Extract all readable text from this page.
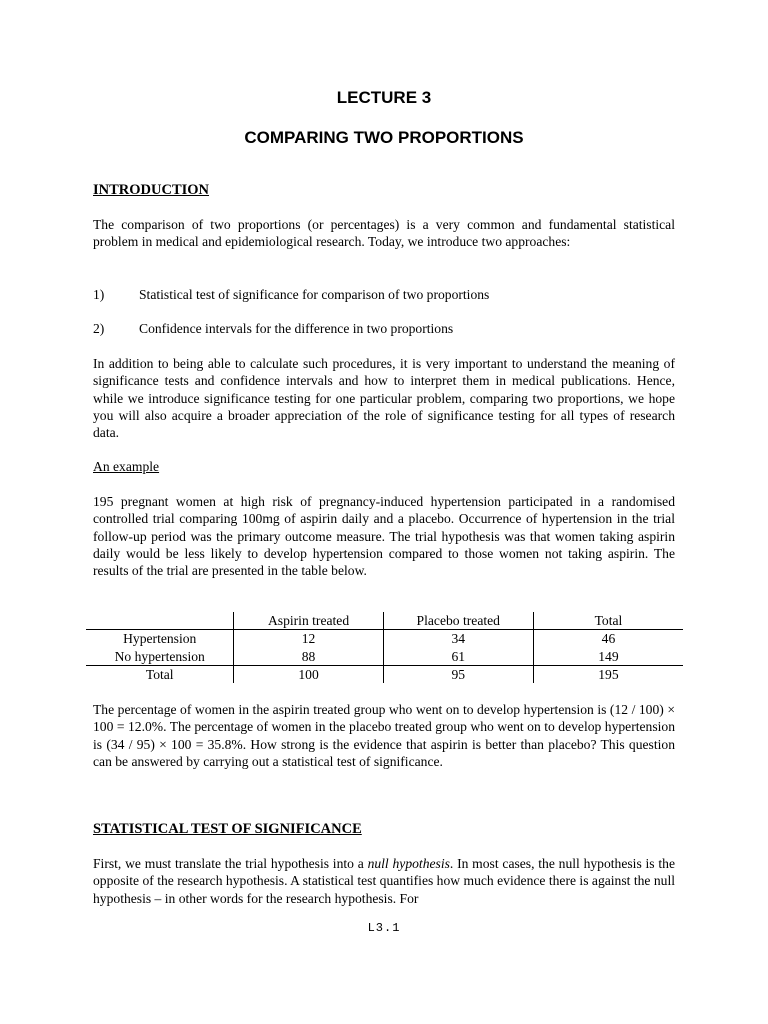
LECTURE 3
COMPARING TWO PROPORTIONS
INTRODUCTION

The comparison of two proportions (or percentages) is a very common and fundamental statistical problem in medical and epidemiological research. Today, we introduce two approaches:

1)	Statistical test of significance for comparison of two proportions
2)	Confidence intervals for the difference in two proportions

In addition to being able to calculate such procedures, it is very important to understand the meaning of significance tests and confidence intervals and how to interpret them in medical publications. Hence, while we introduce significance testing for one particular problem, comparing two proportions, we hope you will also acquire a broader appreciation of the role of significance testing for all types of research data.

An example

195 pregnant women at high risk of pregnancy-induced hypertension participated in a randomised controlled trial comparing 100mg of aspirin daily and a placebo. Occurrence of hypertension in the trial follow-up period was the primary outcome measure. The trial hypothesis was that women taking aspirin daily would be less likely to develop hypertension compared to those women not taking aspirin. The results of the trial are presented in the table below.

	Aspirin treated	Placebo treated	Total
Hypertension	12	34	46
No hypertension	88	61	149
Total	100	95	195

The percentage of women in the aspirin treated group who went on to develop hypertension is (12 / 100) × 100 = 12.0%. The percentage of women in the placebo treated group who went on to develop hypertension is (34 / 95) × 100 = 35.8%. How strong is the evidence that aspirin is better than placebo? This question can be answered by carrying out a statistical test of significance.

STATISTICAL TEST OF SIGNIFICANCE

First, we must translate the trial hypothesis into a null hypothesis. In most cases, the null hypothesis is the opposite of the research hypothesis. A statistical test quantifies how much evidence there is against the null hypothesis – in other words for the research hypothesis. For

L3.1
